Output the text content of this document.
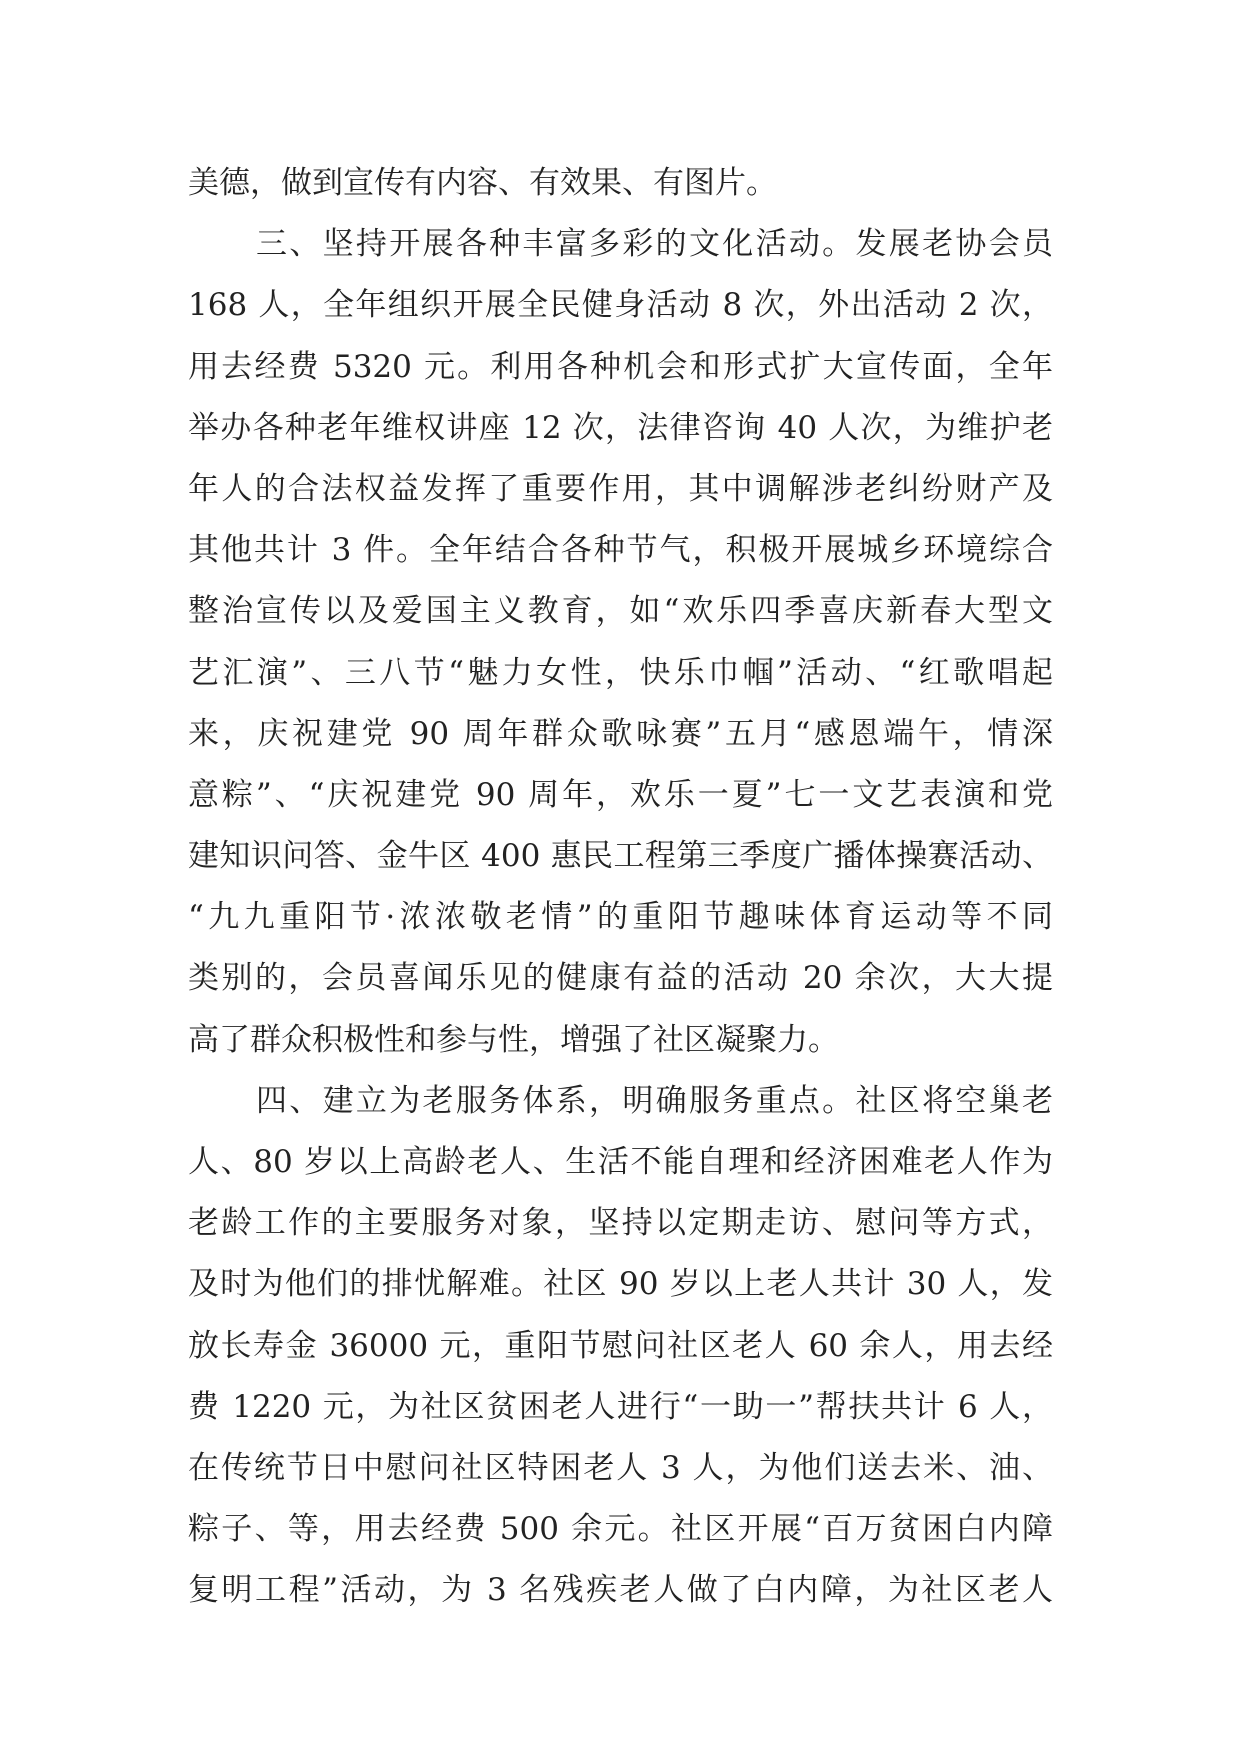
美德，做到宣传有内容、有效果、有图片。
三、坚持开展各种丰富多彩的文化活动。发展老协会员
168 人，全年组织开展全民健身活动 8 次，外出活动 2 次，
用去经费 5320 元。利用各种机会和形式扩大宣传面，全年
举办各种老年维权讲座 12 次，法律咨询 40 人次，为维护老
年人的合法权益发挥了重要作用，其中调解涉老纠纷财产及
其他共计 3 件。全年结合各种节气，积极开展城乡环境综合
整治宣传以及爱国主义教育，如“欢乐四季喜庆新春大型文
艺汇演”、三八节“魅力女性，快乐巾帼”活动、“红歌唱起
来，庆祝建党 90 周年群众歌咏赛”五月“感恩端午，情深
意粽”、“庆祝建党 90 周年，欢乐一夏”七一文艺表演和党
建知识问答、金牛区 400 惠民工程第三季度广播体操赛活动、
“九九重阳节·浓浓敬老情”的重阳节趣味体育运动等不同
类别的，会员喜闻乐见的健康有益的活动 20 余次，大大提
高了群众积极性和参与性，增强了社区凝聚力。
四、建立为老服务体系，明确服务重点。社区将空巢老
人、80 岁以上高龄老人、生活不能自理和经济困难老人作为
老龄工作的主要服务对象，坚持以定期走访、慰问等方式，
及时为他们的排忧解难。社区 90 岁以上老人共计 30 人，发
放长寿金 36000 元，重阳节慰问社区老人 60 余人，用去经
费 1220 元，为社区贫困老人进行“一助一”帮扶共计 6 人，
在传统节日中慰问社区特困老人 3 人，为他们送去米、油、
粽子、等，用去经费 500 余元。社区开展“百万贫困白内障
复明工程”活动，为 3 名残疾老人做了白内障，为社区老人
